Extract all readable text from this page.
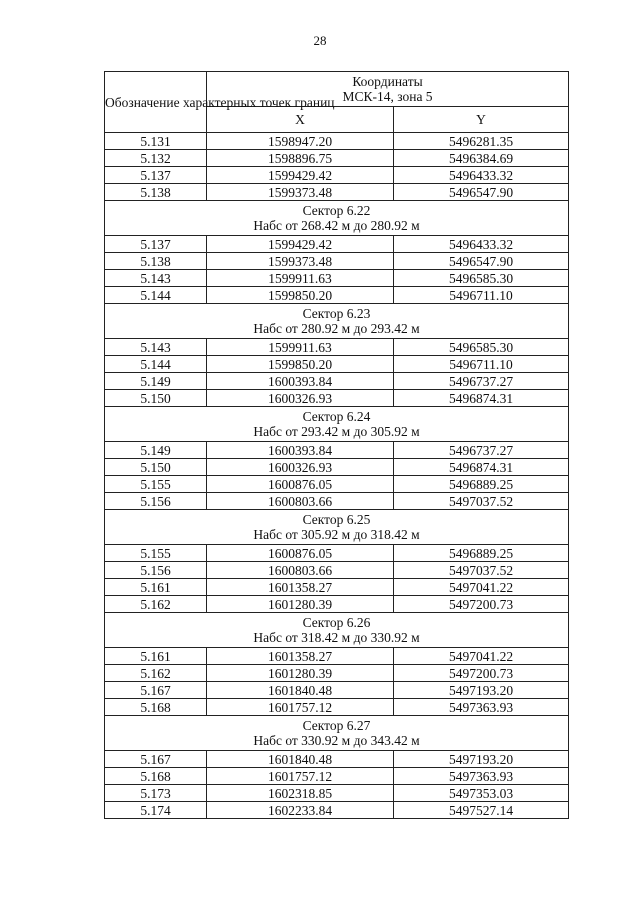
28
Обозначение характерных точек границ	Координаты
МСК-14, зона 5	

	X	Y
5.131	1598947.20	5496281.35
5.132	1598896.75	5496384.69
5.137	1599429.42	5496433.32
5.138	1599373.48	5496547.90

Сектор 6.22
Набс от 268.42 м до 280.92 м		

5.137	1599429.42	5496433.32
5.138	1599373.48	5496547.90
5.143	1599911.63	5496585.30
5.144	1599850.20	5496711.10

Сектор 6.23
Набс от 280.92 м до 293.42 м		

5.143	1599911.63	5496585.30
5.144	1599850.20	5496711.10
5.149	1600393.84	5496737.27
5.150	1600326.93	5496874.31

Сектор 6.24
Набс от 293.42 м до 305.92 м		

5.149	1600393.84	5496737.27
5.150	1600326.93	5496874.31
5.155	1600876.05	5496889.25
5.156	1600803.66	5497037.52

Сектор 6.25
Набс от 305.92 м до 318.42 м		

5.155	1600876.05	5496889.25
5.156	1600803.66	5497037.52
5.161	1601358.27	5497041.22
5.162	1601280.39	5497200.73

Сектор 6.26
Набс от 318.42 м до 330.92 м		

5.161	1601358.27	5497041.22
5.162	1601280.39	5497200.73
5.167	1601840.48	5497193.20
5.168	1601757.12	5497363.93

Сектор 6.27
Набс от 330.92 м до 343.42 м		

5.167	1601840.48	5497193.20
5.168	1601757.12	5497363.93
5.173	1602318.85	5497353.03
5.174	1602233.84	5497527.14
